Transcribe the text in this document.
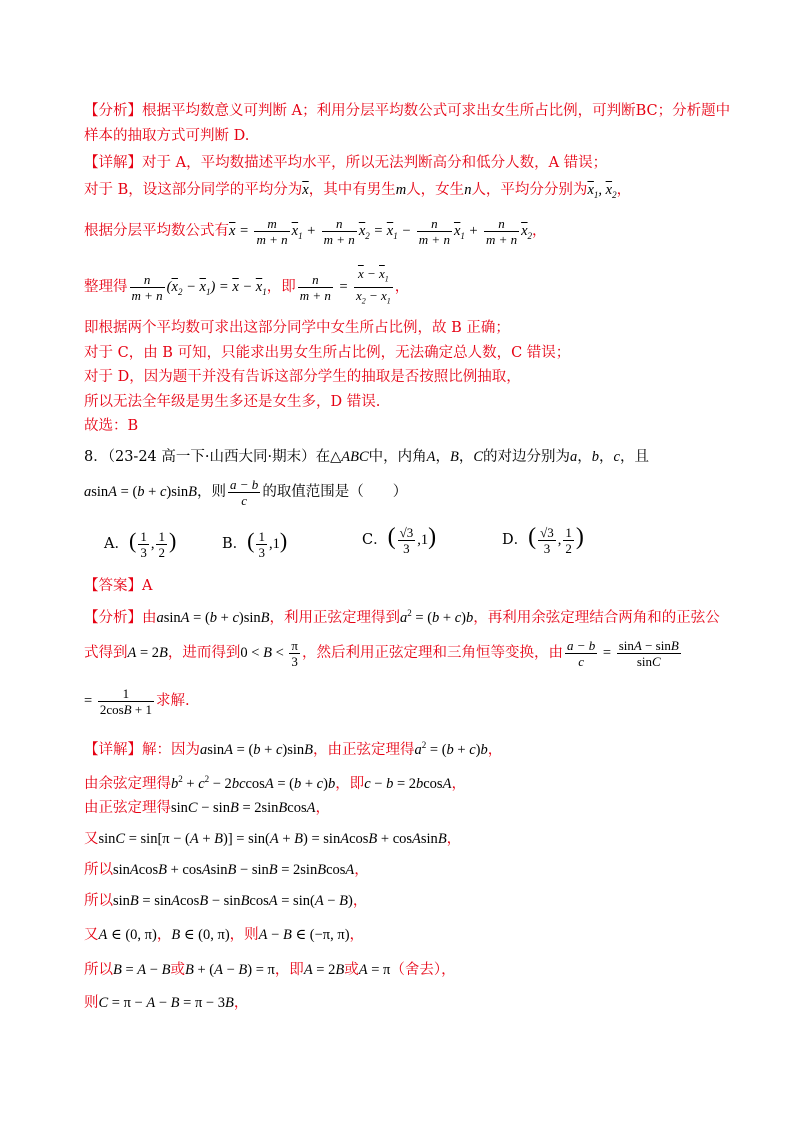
【分析】根据平均数意义可判断 A；利用分层平均数公式可求出女生所占比例，可判断BC；分析题中
样本的抽取方式可判断 D.
【详解】对于 A，平均数描述平均水平，所以无法判断高分和低分人数，A 错误；
对于 B，设这部分同学的平均分为$\overline{x}$，其中有男生m人，女生n人，平均分分别为$\overline{x}_1$, $\overline{x}_2$，
根据分层平均数公式有$\overline{x} = \frac{m}{m + n} \overline{x}_1 + \frac{n}{m + n} \overline{x}_2 = \overline{x}_1 - \frac{n}{m + n} \overline{x}_1 + \frac{n}{m + n} \overline{x}_2$，
整理得 $\frac{n}{m + n} (\overline{x}_2 - \overline{x}_1) = \overline{x} - \overline{x}_1$，即 $\frac{n}{m + n} = \frac{\overline{x} - \overline{x}_1}{\overline{x}_2 - \overline{x}_1}$ ，
即根据两个平均数可求出这部分同学中女生所占比例，故 B 正确；
对于 C，由 B 可知，只能求出男女生所占比例，无法确定总人数，C 错误；
对于 D，因为题干并没有告诉这部分学生的抽取是否按照比例抽取，
所以无法全年级是男生多还是女生多，D 错误.
故选：B
8．（23-24 高一下·山西大同·期末）在△ABC中，内角A，B，C的对边分别为a，b，c，且
asinA = (b + c)sinB，则 $\frac{a - b}{c}$ 的取值范围是（　　）
A．( $\frac{1}{3}$ , $\frac{1}{2}$ )	B．( $\frac{1}{3} ,1$)	C．( $\frac{√3}{3} ,1$)	D．( $\frac{√3}{3}$ , $\frac{1}{2}$ )
【答案】A
【分析】由asinA = (b + c)sinB，利用正弦定理得到$a^2 = (b + c)b$，再利用余弦定理结合两角和的正弦公
式得到A = 2B，进而得到$0 < B < \frac{\pi}{3}$ ，然后利用正弦定理和三角恒等变换，由 $\frac{a - b}{c} = \frac{\sin A - \sin B}{\sin C}$
= $\frac{1}{2\cos B + 1}$ 求解.
【详解】解：因为asinA = (b + c)sinB，由正弦定理得$a^2 = (b + c)b$，
由余弦定理得$b^2 + c^2 - 2bccosA = (b + c)b$，即c − b = 2bcosA，
由正弦定理得sinC − sinB = 2sinBcosA，
又sinC = sin[π − (A + B)] = sin(A + B) = sinAcosB + cosAsinB，
所以sinAcosB + cosAsinB − sinB = 2sinBcosA，
所以sinB = sinAcosB − sinBcosA = sin(A − B)，
又A ∈ (0, π)，B ∈ (0, π)，则A − B ∈ (−π, π)，
所以B = A − B或B + (A − B) = π，即A = 2B或A = π（舍去），
则C = π − A − B = π − 3B，
